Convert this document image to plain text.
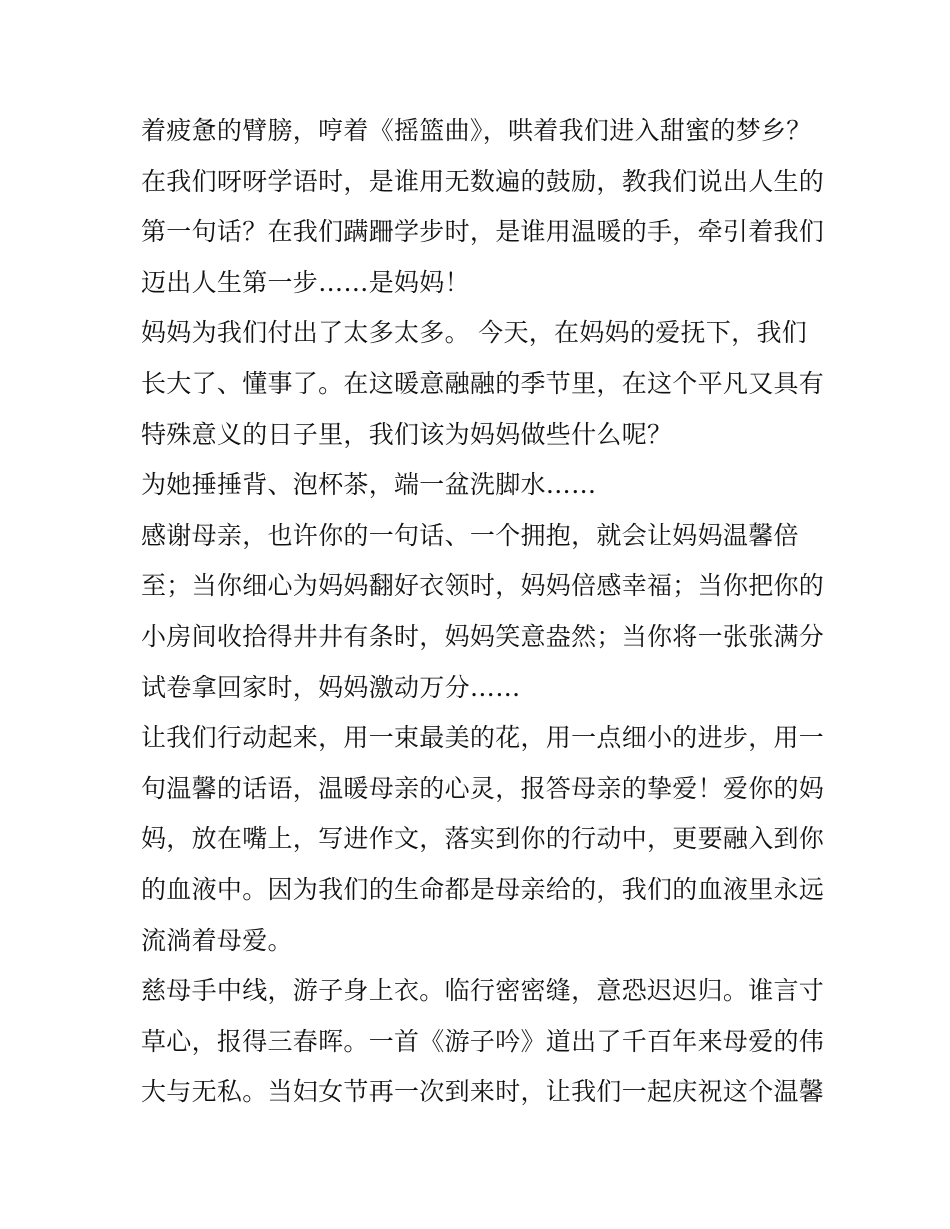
着疲惫的臂膀，哼着《摇篮曲》，哄着我们进入甜蜜的梦乡？
在我们呀呀学语时，是谁用无数遍的鼓励，教我们说出人生的
第一句话？在我们蹒跚学步时，是谁用温暖的手，牵引着我们
迈出人生第一步……是妈妈！
妈妈为我们付出了太多太多。 今天，在妈妈的爱抚下，我们
长大了、懂事了。在这暖意融融的季节里，在这个平凡又具有
特殊意义的日子里，我们该为妈妈做些什么呢？
为她捶捶背、泡杯茶，端一盆洗脚水……
感谢母亲，也许你的一句话、一个拥抱，就会让妈妈温馨倍
至；当你细心为妈妈翻好衣领时，妈妈倍感幸福；当你把你的
小房间收拾得井井有条时，妈妈笑意盎然；当你将一张张满分
试卷拿回家时，妈妈激动万分……
让我们行动起来，用一束最美的花，用一点细小的进步，用一
句温馨的话语，温暖母亲的心灵，报答母亲的挚爱！爱你的妈
妈，放在嘴上，写进作文，落实到你的行动中，更要融入到你
的血液中。因为我们的生命都是母亲给的，我们的血液里永远
流淌着母爱。
慈母手中线，游子身上衣。临行密密缝，意恐迟迟归。谁言寸
草心，报得三春晖。一首《游子吟》道出了千百年来母爱的伟
大与无私。当妇女节再一次到来时，让我们一起庆祝这个温馨
